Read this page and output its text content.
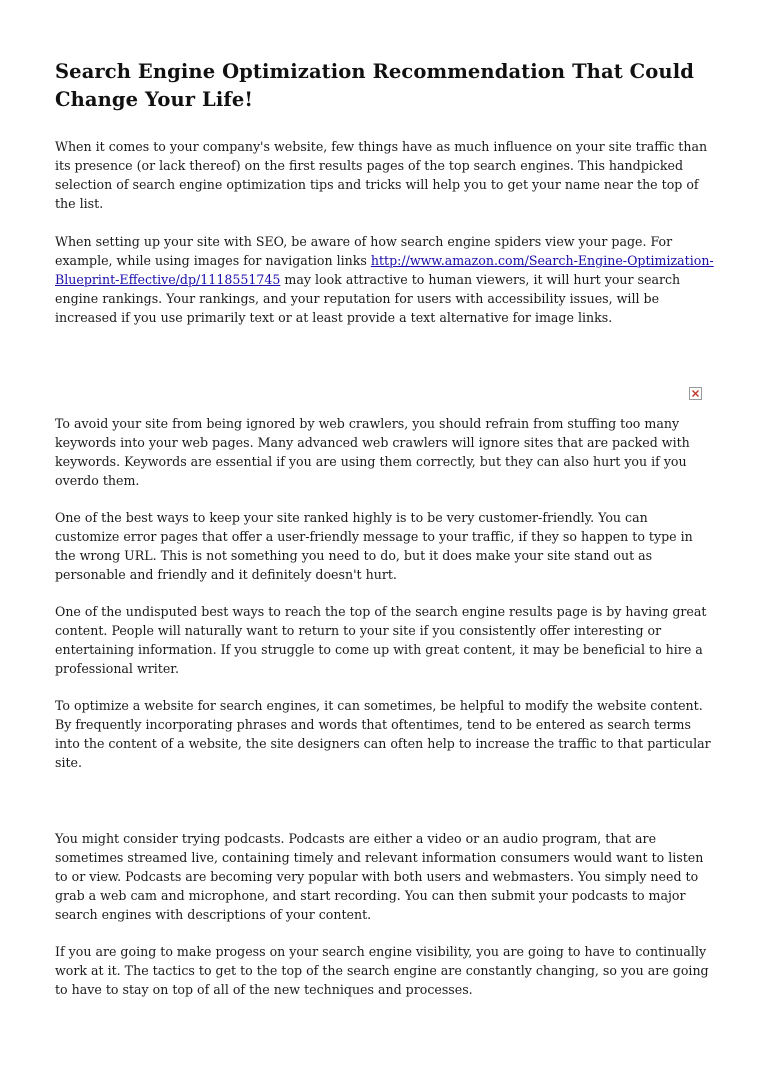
Search Engine Optimization Recommendation That Could Change Your Life!

When it comes to your company's website, few things have as much influence on your site traffic than its presence (or lack thereof) on the first results pages of the top search engines. This handpicked selection of search engine optimization tips and tricks will help you to get your name near the top of the list.

When setting up your site with SEO, be aware of how search engine spiders view your page. For example, while using images for navigation links http://www.amazon.com/Search-Engine-Optimization-Blueprint-Effective/dp/1118551745 may look attractive to human viewers, it will hurt your search engine rankings. Your rankings, and your reputation for users with accessibility issues, will be increased if you use primarily text or at least provide a text alternative for image links.

To avoid your site from being ignored by web crawlers, you should refrain from stuffing too many keywords into your web pages. Many advanced web crawlers will ignore sites that are packed with keywords. Keywords are essential if you are using them correctly, but they can also hurt you if you overdo them.

One of the best ways to keep your site ranked highly is to be very customer-friendly. You can customize error pages that offer a user-friendly message to your traffic, if they so happen to type in the wrong URL. This is not something you need to do, but it does make your site stand out as personable and friendly and it definitely doesn't hurt.

One of the undisputed best ways to reach the top of the search engine results page is by having great content. People will naturally want to return to your site if you consistently offer interesting or entertaining information. If you struggle to come up with great content, it may be beneficial to hire a professional writer.

To optimize a website for search engines, it can sometimes, be helpful to modify the website content. By frequently incorporating phrases and words that oftentimes, tend to be entered as search terms into the content of a website, the site designers can often help to increase the traffic to that particular site.

You might consider trying podcasts. Podcasts are either a video or an audio program, that are sometimes streamed live, containing timely and relevant information consumers would want to listen to or view. Podcasts are becoming very popular with both users and webmasters. You simply need to grab a web cam and microphone, and start recording. You can then submit your podcasts to major search engines with descriptions of your content.

If you are going to make progess on your search engine visibility, you are going to have to continually work at it. The tactics to get to the top of the search engine are constantly changing, so you are going to have to stay on top of all of the new techniques and processes.
